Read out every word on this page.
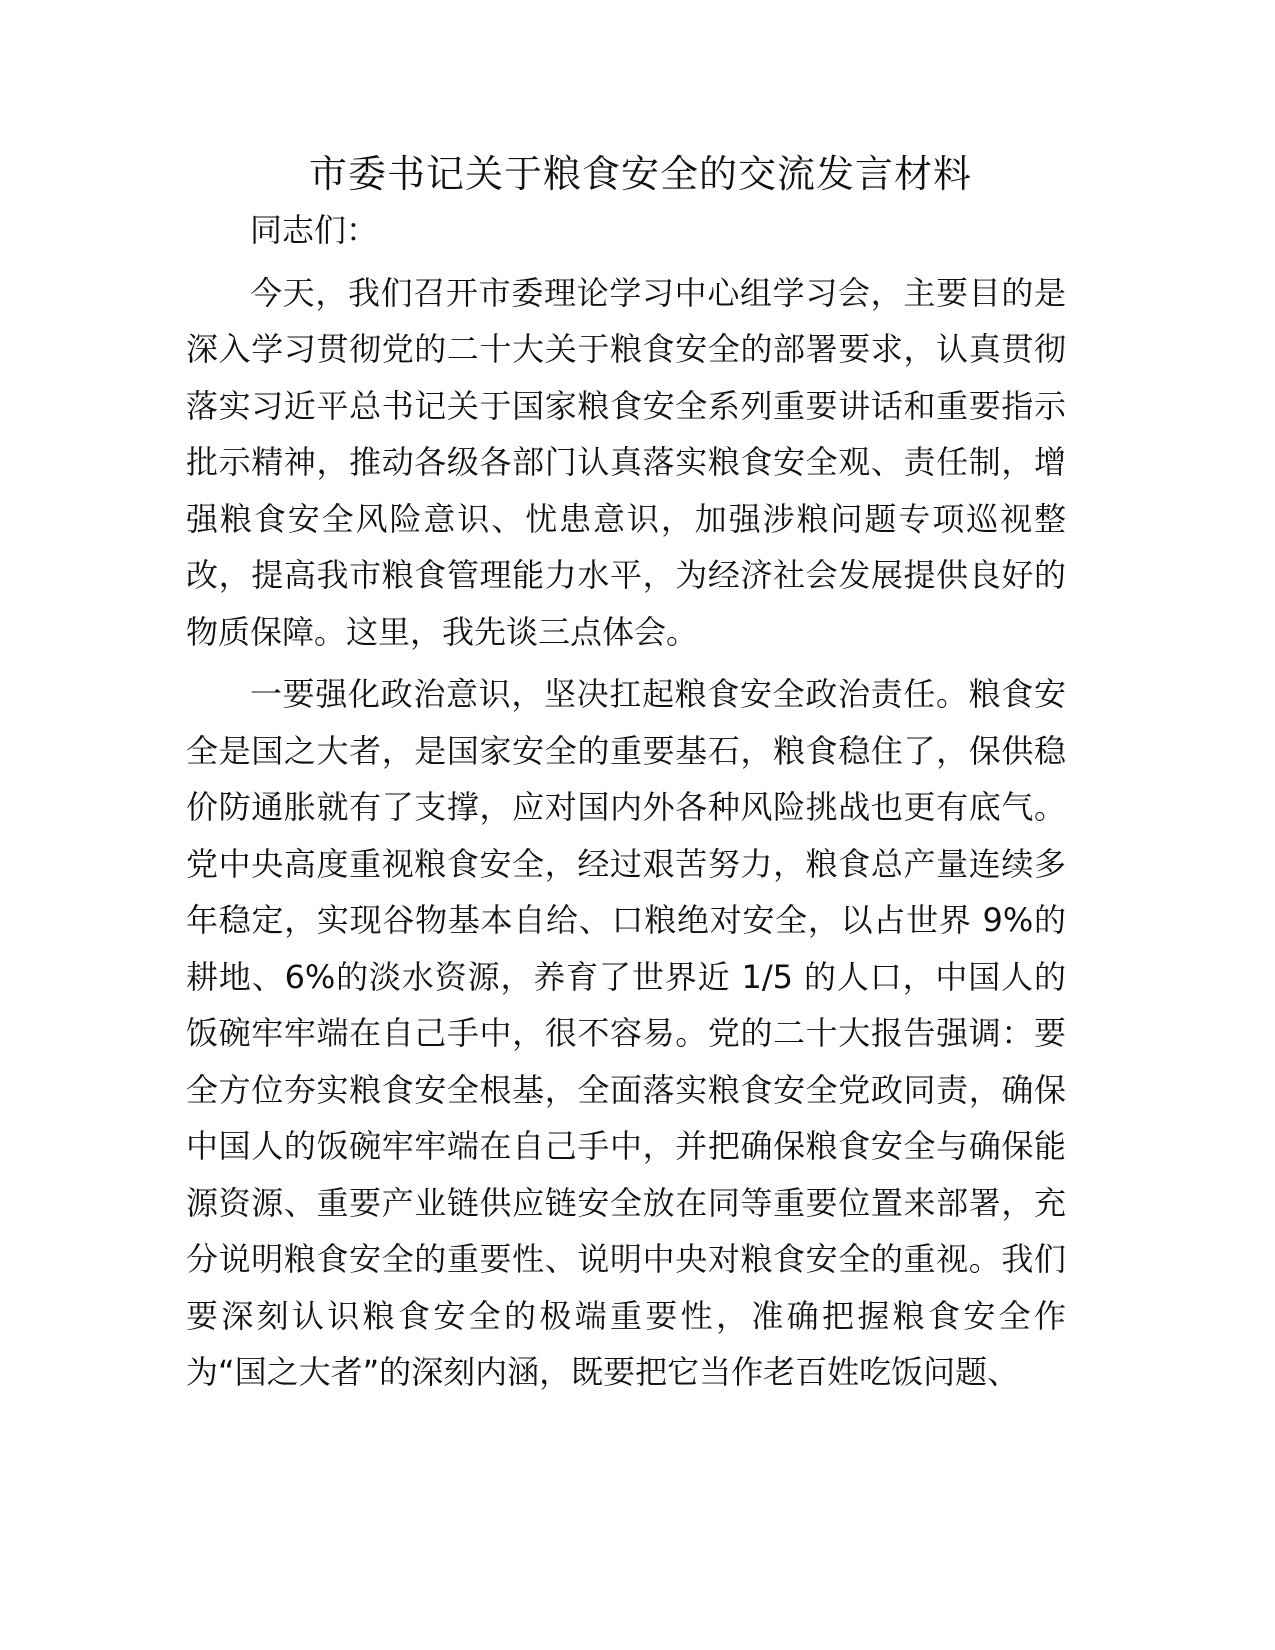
市委书记关于粮食安全的交流发言材料

同志们：

今天，我们召开市委理论学习中心组学习会，主要目的是深入学习贯彻党的二十大关于粮食安全的部署要求，认真贯彻落实习近平总书记关于国家粮食安全系列重要讲话和重要指示批示精神，推动各级各部门认真落实粮食安全观、责任制，增强粮食安全风险意识、忧患意识，加强涉粮问题专项巡视整改，提高我市粮食管理能力水平，为经济社会发展提供良好的物质保障。这里，我先谈三点体会。

一要强化政治意识，坚决扛起粮食安全政治责任。粮食安全是国之大者，是国家安全的重要基石，粮食稳住了，保供稳价防通胀就有了支撑，应对国内外各种风险挑战也更有底气。党中央高度重视粮食安全，经过艰苦努力，粮食总产量连续多年稳定，实现谷物基本自给、口粮绝对安全，以占世界 9%的耕地、6%的淡水资源，养育了世界近 1/5 的人口，中国人的饭碗牢牢端在自己手中，很不容易。党的二十大报告强调：要全方位夯实粮食安全根基，全面落实粮食安全党政同责，确保中国人的饭碗牢牢端在自己手中，并把确保粮食安全与确保能源资源、重要产业链供应链安全放在同等重要位置来部署，充分说明粮食安全的重要性、说明中央对粮食安全的重视。我们要深刻认识粮食安全的极端重要性，准确把握粮食安全作为“国之大者”的深刻内涵，既要把它当作老百姓吃饭问题、
